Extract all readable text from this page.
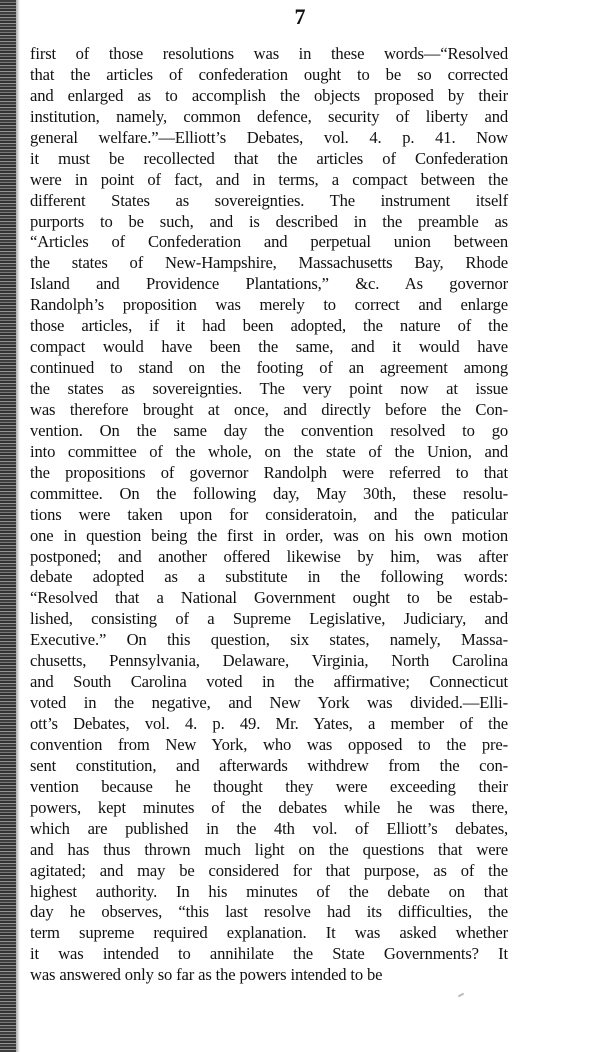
7
first of those resolutions was in these words—“Resolved
that the articles of confederation ought to be so corrected
and enlarged as to accomplish the objects proposed by their
institution, namely, common defence, security of liberty and
general welfare.”—Elliott’s Debates, vol. 4. p. 41. Now
it must be recollected that the articles of Confederation
were in point of fact, and in terms, a compact between the
different States as sovereignties. The instrument itself
purports to be such, and is described in the preamble as
“Articles of Confederation and perpetual union between
the states of New-Hampshire, Massachusetts Bay, Rhode
Island and Providence Plantations,” &c. As governor
Randolph’s proposition was merely to correct and enlarge
those articles, if it had been adopted, the nature of the
compact would have been the same, and it would have
continued to stand on the footing of an agreement among
the states as sovereignties. The very point now at issue
was therefore brought at once, and directly before the Con-
vention. On the same day the convention resolved to go
into committee of the whole, on the state of the Union, and
the propositions of governor Randolph were referred to that
committee. On the following day, May 30th, these resolu-
tions were taken upon for consideratoin, and the paticular
one in question being the first in order, was on his own motion
postponed; and another offered likewise by him, was after
debate adopted as a substitute in the following words:
“Resolved that a National Government ought to be estab-
lished, consisting of a Supreme Legislative, Judiciary, and
Executive.” On this question, six states, namely, Massa-
chusetts, Pennsylvania, Delaware, Virginia, North Carolina
and South Carolina voted in the affirmative; Connecticut
voted in the negative, and New York was divided.—Elli-
ott’s Debates, vol. 4. p. 49. Mr. Yates, a member of the
convention from New York, who was opposed to the pre-
sent constitution, and afterwards withdrew from the con-
vention because he thought they were exceeding their
powers, kept minutes of the debates while he was there,
which are published in the 4th vol. of Elliott’s debates,
and has thus thrown much light on the questions that were
agitated; and may be considered for that purpose, as of the
highest authority. In his minutes of the debate on that
day he observes, “this last resolve had its difficulties, the
term supreme required explanation. It was asked whether
it was intended to annihilate the State Governments? It
was answered only so far as the powers intended to be
